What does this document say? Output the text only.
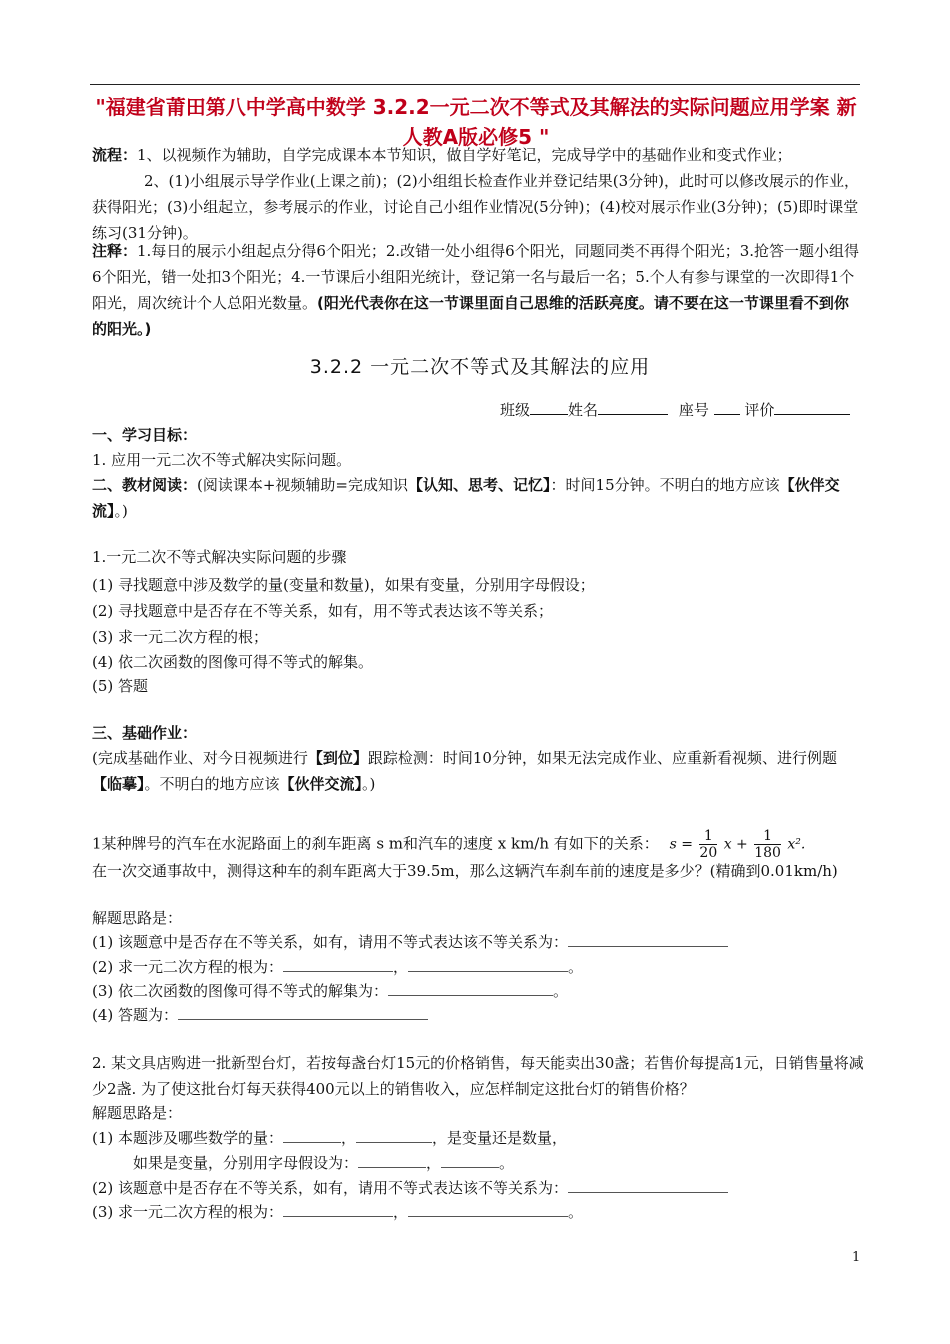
"福建省莆田第八中学高中数学 3.2.2一元二次不等式及其解法的实际问题应用学案 新人教A版必修5 "
流程：1、以视频作为辅助，自学完成课本本节知识，做自学好笔记，完成导学中的基础作业和变式作业；
2、(1)小组展示导学作业(上课之前)；(2)小组组长检查作业并登记结果(3分钟)，此时可以修改展示的作业，获得阳光；(3)小组起立，参考展示的作业，讨论自己小组作业情况(5分钟)；(4)校对展示作业(3分钟)；(5)即时课堂练习(31分钟)。
注释：1.每日的展示小组起点分得6个阳光；2.改错一处小组得6个阳光，同题同类不再得个阳光；3.抢答一题小组得6个阳光，错一处扣3个阳光；4.一节课后小组阳光统计，登记第一名与最后一名；5.个人有参与课堂的一次即得1个阳光，周次统计个人总阳光数量。(阳光代表你在这一节课里面自己思维的活跃亮度。请不要在这一节课里看不到你的阳光。)
3.2.2 一元二次不等式及其解法的应用
班级	姓名	座号 评价
一、学习目标：
1. 应用一元二次不等式解决实际问题。
二、教材阅读：(阅读课本+视频辅助=完成知识【认知、思考、记忆】：时间15分钟。不明白的地方应该【伙伴交流】。)
1.一元二次不等式解决实际问题的步骤
(1) 寻找题意中涉及数学的量(变量和数量)，如果有变量，分别用字母假设；
(2) 寻找题意中是否存在不等关系，如有，用不等式表达该不等关系；
(3) 求一元二次方程的根；
(4) 依二次函数的图像可得不等式的解集。
(5) 答题
三、基础作业：
(完成基础作业、对今日视频进行【到位】跟踪检测：时间10分钟，如果无法完成作业、应重新看视频、进行例题【临摹】。不明白的地方应该【伙伴交流】。)
1某种牌号的汽车在水泥路面上的刹车距离 s m和汽车的速度 x km/h 有如下的关系： $s = \frac{1}{20}$ $x + \frac{1}{180} x^2$.
在一次交通事故中，测得这种车的刹车距离大于39.5m，那么这辆汽车刹车前的速度是多少？(精确到0.01km/h)
解题思路是：
(1) 该题意中是否存在不等关系，如有，请用不等式表达该不等关系为：
(2) 求一元二次方程的根为：	，	。
(3) 依二次函数的图像可得不等式的解集为：	。
(4) 答题为：
2. 某文具店购进一批新型台灯，若按每盏台灯15元的价格销售，每天能卖出30盏；若售价每提高1元，日销售量将减少2盏. 为了使这批台灯每天获得400元以上的销售收入，应怎样制定这批台灯的销售价格？
解题思路是：
(1) 本题涉及哪些数学的量：	，	，是变量还是数量，
如果是变量，分别用字母假设为：	，	。
(2) 该题意中是否存在不等关系，如有，请用不等式表达该不等关系为：
(3) 求一元二次方程的根为：	，	。
1
